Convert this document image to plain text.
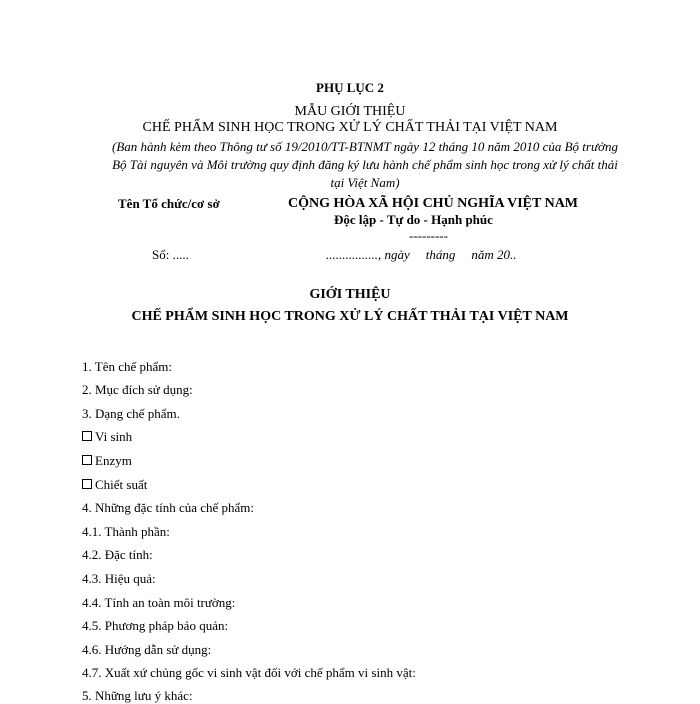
PHỤ LỤC 2
MẪU GIỚI THIỆU
CHẾ PHẨM SINH HỌC TRONG XỬ LÝ CHẤT THẢI TẠI VIỆT NAM
(Ban hành kèm theo Thông tư số 19/2010/TT-BTNMT ngày 12 tháng 10 năm 2010 của Bộ trưởng Bộ Tài nguyên và Môi trường quy định đăng ký lưu hành chế phẩm sinh học trong xử lý chất thải tại Việt Nam)
Tên Tổ chức/cơ sở	CỘNG HÒA XÃ HỘI CHỦ NGHĨA VIỆT NAM
Độc lập - Tự do - Hạnh phúc
---------
Số: .....	................, ngày tháng năm 20..
GIỚI THIỆU
CHẾ PHẨM SINH HỌC TRONG XỬ LÝ CHẤT THẢI TẠI VIỆT NAM
1. Tên chế phẩm:
2. Mục đích sử dụng:
3. Dạng chế phẩm.
Vi sinh
Enzym
Chiết suất
4. Những đặc tính của chế phẩm:
4.1. Thành phần:
4.2. Đặc tính:
4.3. Hiệu quả:
4.4. Tính an toàn môi trường:
4.5. Phương pháp bảo quản:
4.6. Hướng dẫn sử dụng:
4.7. Xuất xứ chủng gốc vi sinh vật đối với chế phẩm vi sinh vật:
5. Những lưu ý khác:
